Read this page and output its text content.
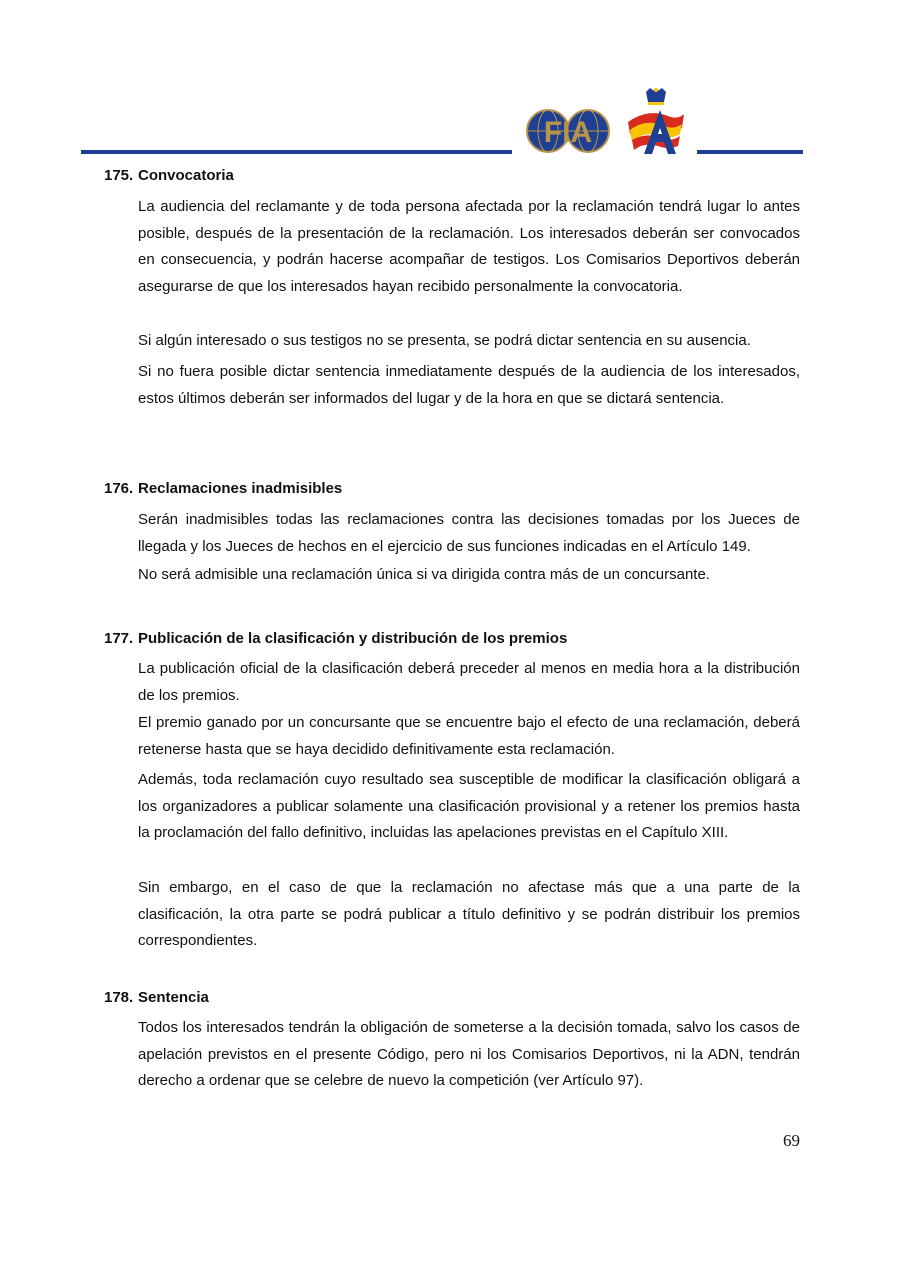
FIA
175. Convocatoria

La audiencia del reclamante y de toda persona afectada por la reclamación tendrá lugar lo antes posible, después de la presentación de la reclamación. Los interesados deberán ser convocados en consecuencia, y podrán hacerse acompañar de testigos. Los Comisarios Deportivos deberán asegurarse de que los interesados hayan recibido personalmente la convocatoria.

Si algún interesado o sus testigos no se presenta, se podrá dictar sentencia en su ausencia.

Si no fuera posible dictar sentencia inmediatamente después de la audiencia de los interesados, estos últimos deberán ser informados del lugar y de la hora en que se dictará sentencia.

176. Reclamaciones inadmisibles

Serán inadmisibles todas las reclamaciones contra las decisiones tomadas por los Jueces de llegada y los Jueces de hechos en el ejercicio de sus funciones indicadas en el Artículo 149.

No será admisible una reclamación única si va dirigida contra más de un concursante.

177. Publicación de la clasificación y distribución de los premios

La publicación oficial de la clasificación deberá preceder al menos en media hora a la distribución de los premios.

El premio ganado por un concursante que se encuentre bajo el efecto de una reclamación, deberá retenerse hasta que se haya decidido definitivamente esta reclamación.

Además, toda reclamación cuyo resultado sea susceptible de modificar la clasificación obligará a los organizadores a publicar solamente una clasificación provisional y a retener los premios hasta la proclamación del fallo definitivo, incluidas las apelaciones previstas en el Capítulo XIII.

Sin embargo, en el caso de que la reclamación no afectase más que a una parte de la clasificación, la otra parte se podrá publicar a título definitivo y se podrán distribuir los premios correspondientes.

178. Sentencia

Todos los interesados tendrán la obligación de someterse a la decisión tomada, salvo los casos de apelación previstos en el presente Código, pero ni los Comisarios Deportivos, ni la ADN, tendrán derecho a ordenar que se celebre de nuevo la competición (ver Artículo 97).

69
